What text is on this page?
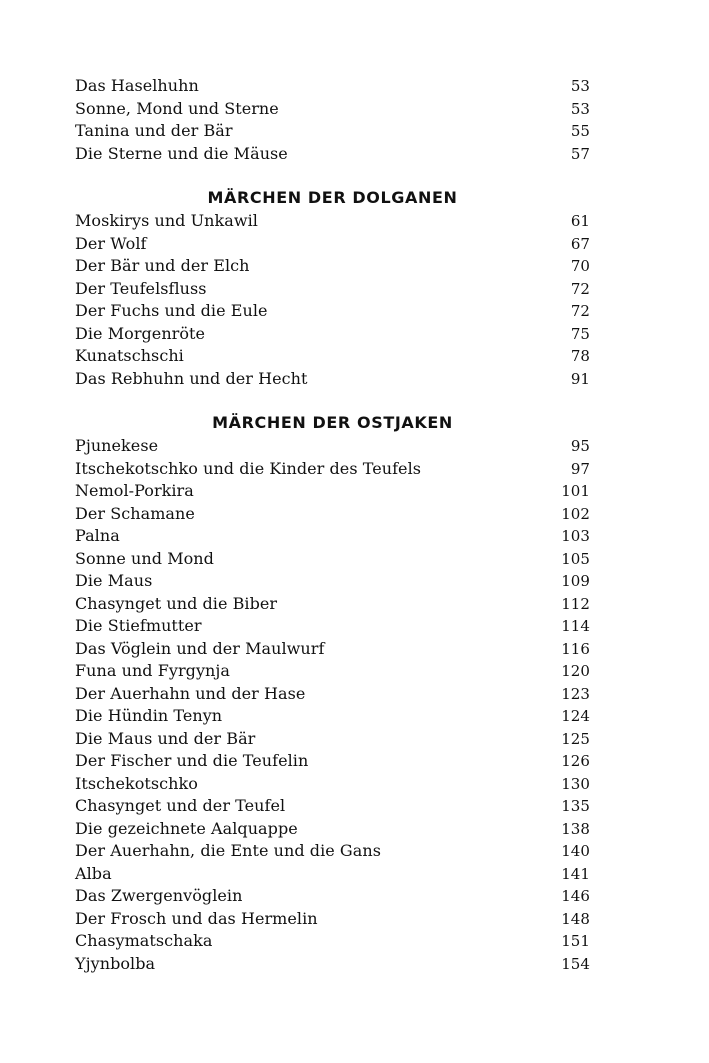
Das Haselhuhn	53
Sonne, Mond und Sterne	53
Tanina und der Bär	55
Die Sterne und die Mäuse	57
MÄRCHEN DER DOLGANEN
Moskirys und Unkawil	61
Der Wolf	67
Der Bär und der Elch	70
Der Teufelsfluss	72
Der Fuchs und die Eule	72
Die Morgenröte	75
Kunatschschi	78
Das Rebhuhn und der Hecht	91
MÄRCHEN DER OSTJAKEN
Pjunekese	95
Itschekotschko und die Kinder des Teufels	97
Nemol-Porkira	101
Der Schamane	102
Palna	103
Sonne und Mond	105
Die Maus	109
Chasynget und die Biber	112
Die Stiefmutter	114
Das Vöglein und der Maulwurf	116
Funa und Fyrgynja	120
Der Auerhahn und der Hase	123
Die Hündin Tenyn	124
Die Maus und der Bär	125
Der Fischer und die Teufelin	126
Itschekotschko	130
Chasynget und der Teufel	135
Die gezeichnete Aalquappe	138
Der Auerhahn, die Ente und die Gans	140
Alba	141
Das Zwergenvöglein	146
Der Frosch und das Hermelin	148
Chasymatschaka	151
Yjynbolba	154
